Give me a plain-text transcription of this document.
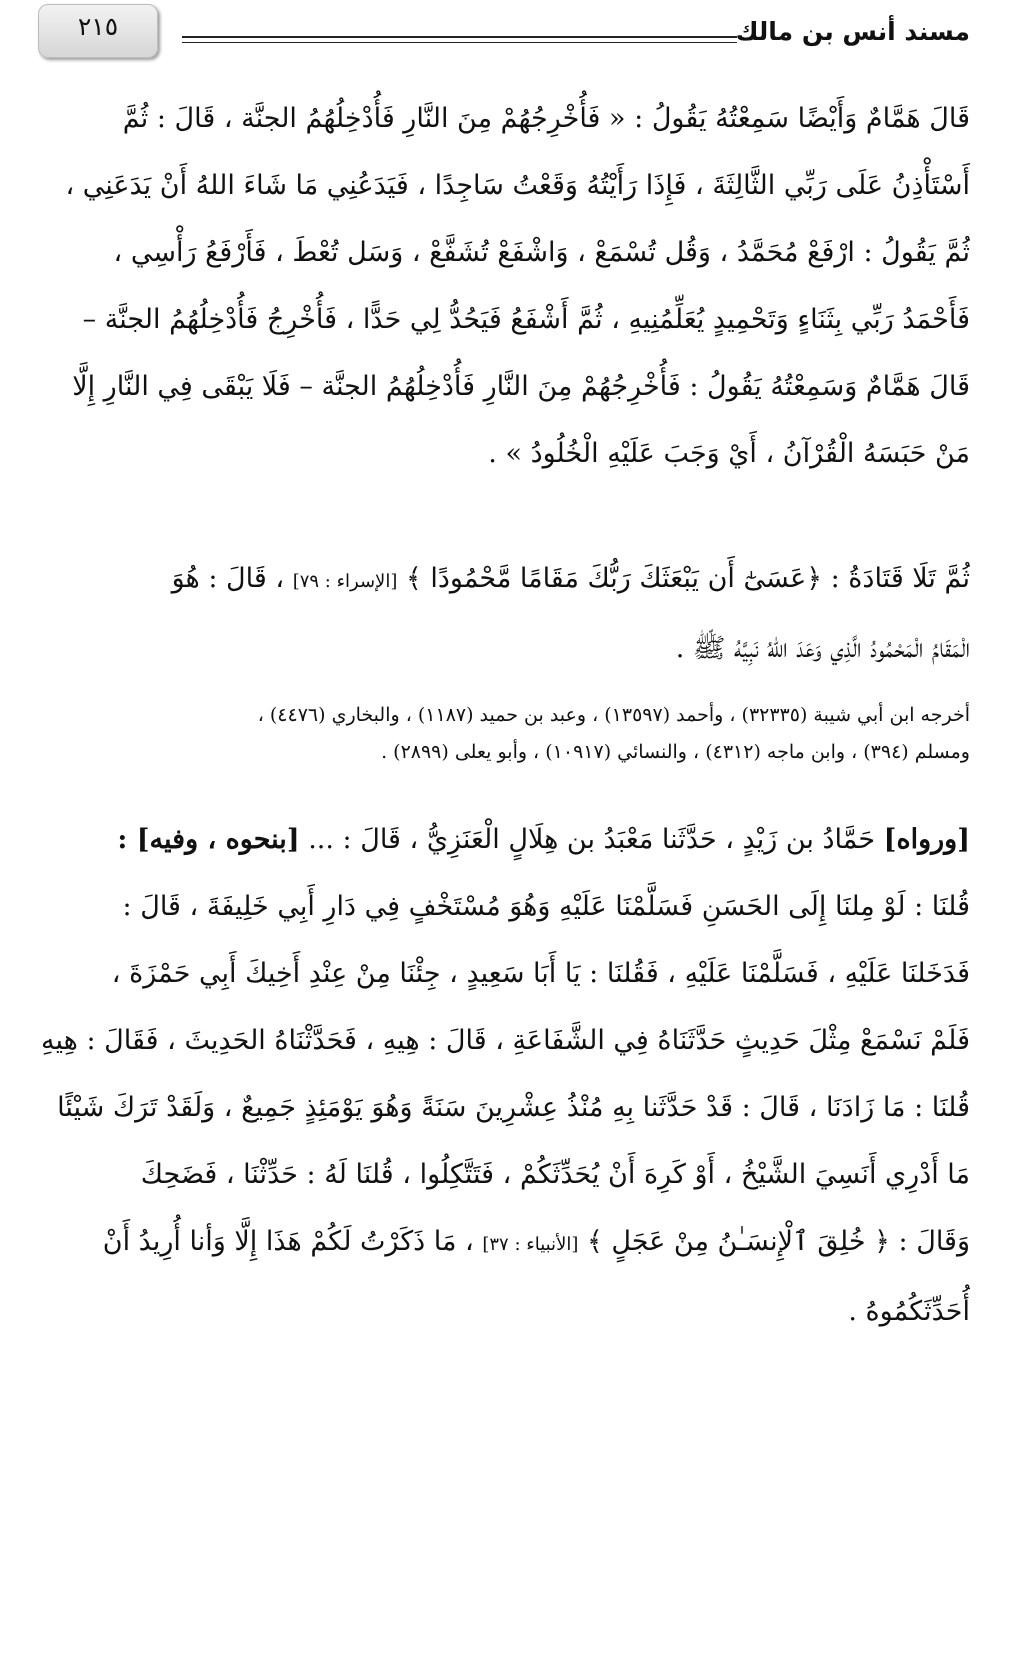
مسند أنس بن مالك
٢١٥
قَالَ هَمَّامٌ وَأَيْضًا سَمِعْتُهُ يَقُولُ : « فَأُخْرِجُهُمْ مِنَ النَّارِ فَأُدْخِلُهُمُ الجنَّة ، قَالَ : ثُمَّ
أَسْتَأْذِنُ عَلَى رَبِّي الثَّالِثَةَ ، فَإِذَا رَأَيْتُهُ وَقَعْتُ سَاجِدًا ، فَيَدَعُنِي مَا شَاءَ اللهُ أَنْ يَدَعَنِي ،
ثُمَّ يَقُولُ : ارْفَعْ مُحَمَّدُ ، وَقُل تُسْمَعْ ، وَاشْفَعْ تُشَفَّعْ ، وَسَل تُعْطَ ، فَأَرْفَعُ رَأْسِي ،
فَأَحْمَدُ رَبِّي بِثَنَاءٍ وَتَحْمِيدٍ يُعَلِّمُنِيهِ ، ثُمَّ أَشْفَعُ فَيَحُدُّ لِي حَدًّا ، فَأُخْرِجُ فَأُدْخِلُهُمُ الجنَّة –
قَالَ هَمَّامٌ وَسَمِعْتُهُ يَقُولُ : فَأُخْرِجُهُمْ مِنَ النَّارِ فَأُدْخِلُهُمُ الجنَّة – فَلَا يَبْقَى فِي النَّارِ إِلَّا
مَنْ حَبَسَهُ الْقُرْآنُ ، أَيْ وَجَبَ عَلَيْهِ الْخُلُودُ » .
ثُمَّ تَلَا قَتَادَةُ : ﴿عَسَىٰٓ أَن يَبْعَثَكَ رَبُّكَ مَقَامًا مَّحْمُودًا ﴾ [الإسراء : ٧٩] ، قَالَ : هُوَ
الْمَقَامُ الْمَحْمُودُ الَّذِي وَعَدَ اللهُ نَبِيَّهُ ﷺ .
أخرجه ابن أبي شيبة (٣٢٣٣٥) ، وأحمد (١٣٥٩٧) ، وعبد بن حميد (١١٨٧) ، والبخاري (٤٤٧٦) ،
ومسلم (٣٩٤) ، وابن ماجه (٤٣١٢) ، والنسائي (١٠٩١٧) ، وأبو يعلى (٢٨٩٩) .
[ورواه] حَمَّادُ بن زَيْدٍ ، حَدَّثَنا مَعْبَدُ بن هِلَالٍ الْعَنَزِيُّ ، قَالَ : ... [بنحوه ، وفيه] :
قُلنَا : لَوْ مِلنَا إِلَى الحَسَنِ فَسَلَّمْنَا عَلَيْهِ وَهُوَ مُسْتَخْفٍ فِي دَارِ أَبِي خَلِيفَةَ ، قَالَ :
فَدَخَلنَا عَلَيْهِ ، فَسَلَّمْنَا عَلَيْهِ ، فَقُلنَا : يَا أَبَا سَعِيدٍ ، جِئْنَا مِنْ عِنْدِ أَخِيكَ أَبِي حَمْزَةَ ،
فَلَمْ نَسْمَعْ مِثْلَ حَدِيثٍ حَدَّثَنَاهُ فِي الشَّفَاعَةِ ، قَالَ : هِيهِ ، فَحَدَّثْنَاهُ الحَدِيثَ ، فَقَالَ : هِيهِ
قُلنَا : مَا زَادَنَا ، قَالَ : قَدْ حَدَّثَنا بِهِ مُنْذُ عِشْرِينَ سَنَةً وَهُوَ يَوْمَئِذٍ جَمِيعٌ ، وَلَقَدْ تَرَكَ شَيْئًا
مَا أَدْرِي أَنَسِيَ الشَّيْخُ ، أَوْ كَرِهَ أَنْ يُحَدِّثَكُمْ ، فَتَتَّكِلُوا ، قُلنَا لَهُ : حَدِّثْنَا ، فَضَحِكَ
وَقَالَ : ﴿ خُلِقَ ٱلْإِنسَـٰنُ مِنْ عَجَلٍ ﴾ [الأنبياء : ٣٧] ، مَا ذَكَرْتُ لَكُمْ هَذَا إِلَّا وَأنا أُرِيدُ أَنْ
أُحَدِّثَكُمُوهُ .
